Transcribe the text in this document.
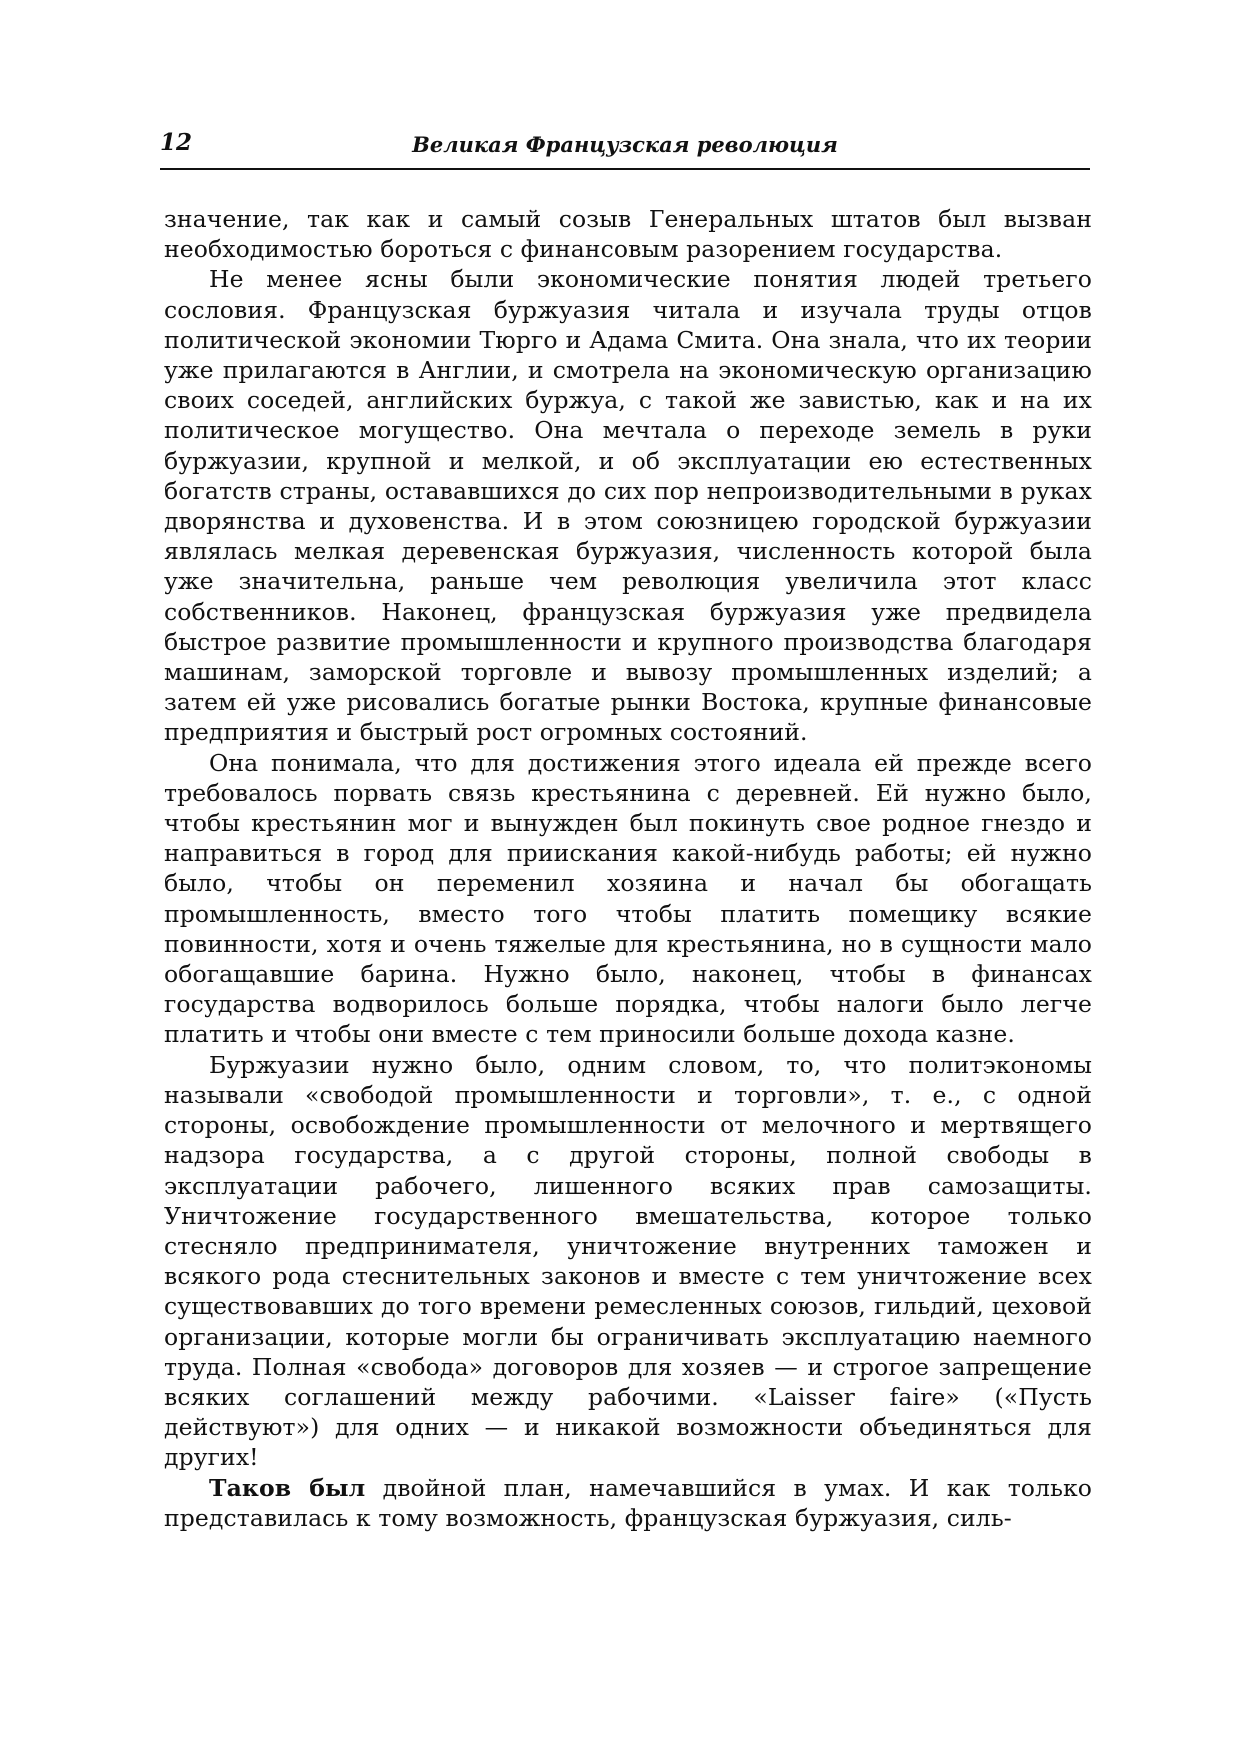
12	Великая Французская революция

значение, так как и самый созыв Генеральных штатов был вызван необходимостью бороться с финансовым разорением государства.

Не менее ясны были экономические понятия людей третьего сословия. Французская буржуазия читала и изучала труды отцов политической экономии Тюрго и Адама Смита. Она знала, что их теории уже прилагаются в Англии, и смотрела на экономическую организацию своих соседей, английских буржуа, с такой же завистью, как и на их политическое могущество. Она мечтала о переходе земель в руки буржуазии, крупной и мелкой, и об эксплуатации ею естественных богатств страны, остававшихся до сих пор непроизводительными в руках дворянства и духовенства. И в этом союзницею городской буржуазии являлась мелкая деревенская буржуазия, численность которой была уже значительна, раньше чем революция увеличила этот класс собственников. Наконец, французская буржуазия уже предвидела быстрое развитие промышленности и крупного производства благодаря машинам, заморской торговле и вывозу промышленных изделий; а затем ей уже рисовались богатые рынки Востока, крупные финансовые предприятия и быстрый рост огромных состояний.

Она понимала, что для достижения этого идеала ей прежде всего требовалось порвать связь крестьянина с деревней. Ей нужно было, чтобы крестьянин мог и вынужден был покинуть свое родное гнездо и направиться в город для приискания какой-нибудь работы; ей нужно было, чтобы он переменил хозяина и начал бы обогащать промышленность, вместо того чтобы платить помещику всякие повинности, хотя и очень тяжелые для крестьянина, но в сущности мало обогащавшие барина. Нужно было, наконец, чтобы в финансах государства водворилось больше порядка, чтобы налоги было легче платить и чтобы они вместе с тем приносили больше дохода казне.

Буржуазии нужно было, одним словом, то, что политэкономы называли «свободой промышленности и торговли», т. е., с одной стороны, освобождение промышленности от мелочного и мертвящего надзора государства, а с другой стороны, полной свободы в эксплуатации рабочего, лишенного всяких прав самозащиты. Уничтожение государственного вмешательства, которое только стесняло предпринимателя, уничтожение внутренних таможен и всякого рода стеснительных законов и вместе с тем уничтожение всех существовавших до того времени ремесленных союзов, гильдий, цеховой организации, которые могли бы ограничивать эксплуатацию наемного труда. Полная «свобода» договоров для хозяев — и строгое запрещение всяких соглашений между рабочими. «Laisser faire» («Пусть действуют») для одних — и никакой возможности объединяться для других!

Таков был двойной план, намечавшийся в умах. И как только представилась к тому возможность, французская буржуазия, силь-
